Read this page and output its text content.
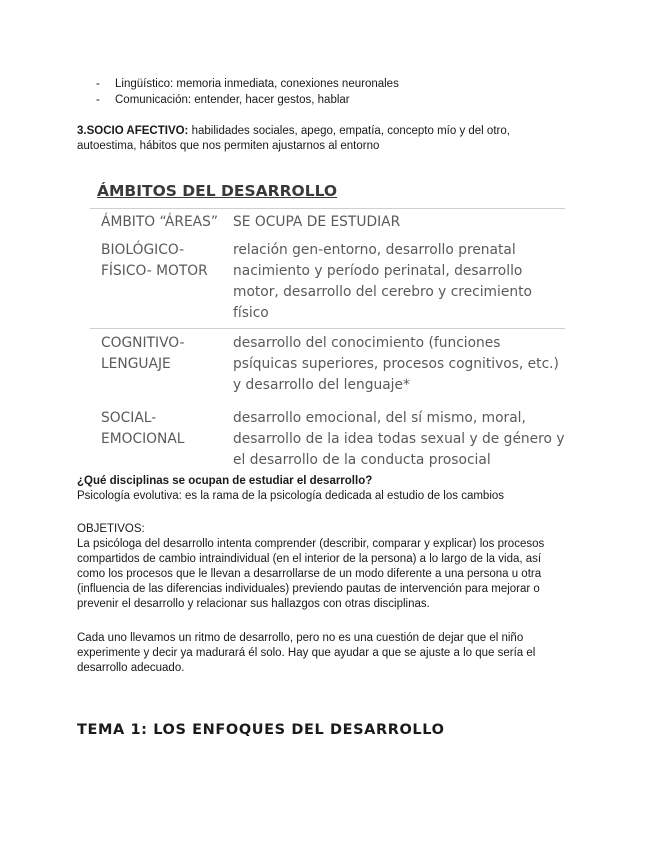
- Lingüístico: memoria inmediata, conexiones neuronales
- Comunicación: entender, hacer gestos, hablar

3.SOCIO AFECTIVO: habilidades sociales, apego, empatía, concepto mío y del otro, autoestima, hábitos que nos permiten ajustarnos al entorno

ÁMBITOS DEL DESARROLLO
ÁMBITO “ÁREAS”	SE OCUPA DE ESTUDIAR

BIOLÓGICO-
FÍSICO- MOTOR	relación gen-entorno, desarrollo prenatal nacimiento y período perinatal, desarrollo motor, desarrollo del cerebro y crecimiento físico

COGNITIVO-
LENGUAJE	desarrollo del conocimiento (funciones psíquicas superiores, procesos cognitivos, etc.) y desarrollo del lenguaje*

SOCIAL-
EMOCIONAL	desarrollo emocional, del sí mismo, moral, desarrollo de la idea todas sexual y de género y el desarrollo de la conducta prosocial
¿Qué disciplinas se ocupan de estudiar el desarrollo?
Psicología evolutiva: es la rama de la psicología dedicada al estudio de los cambios
OBJETIVOS:
La psicóloga del desarrollo intenta comprender (describir, comparar y explicar) los procesos compartidos de cambio intraindividual (en el interior de la persona) a lo largo de la vida, así como los procesos que le llevan a desarrollarse de un modo diferente a una persona u otra (influencia de las diferencias individuales) previendo pautas de intervención para mejorar o prevenir el desarrollo y relacionar sus hallazgos con otras disciplinas.

Cada uno llevamos un ritmo de desarrollo, pero no es una cuestión de dejar que el niño experimente y decir ya madurará él solo. Hay que ayudar a que se ajuste a lo que sería el desarrollo adecuado.

TEMA 1: LOS ENFOQUES DEL DESARROLLO
